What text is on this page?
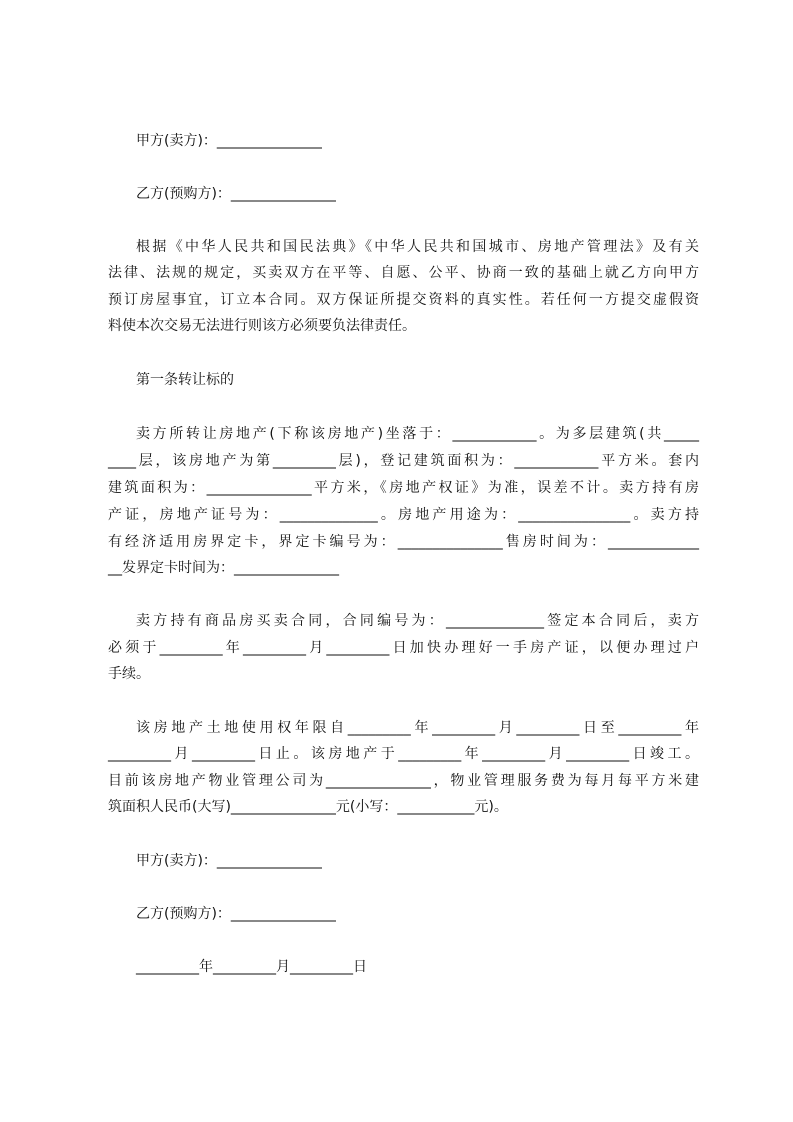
甲方(卖方)：_______________

乙方(预购方)：_______________

根据《中华人民共和国民法典》《中华人民共和国城市、房地产管理法》及有关

法律、法规的规定，买卖双方在平等、自愿、公平、协商一致的基础上就乙方向甲方

预订房屋事宜，订立本合同。双方保证所提交资料的真实性。若任何一方提交虚假资

料使本次交易无法进行则该方必须要负法律责任。

第一条转让标的

卖方所转让房地产(下称该房地产)坐落于：____________。为多层建筑(共_____

____层，该房地产为第_________层)，登记建筑面积为：____________平方米。套内

建筑面积为：_______________平方米，《房地产权证》为准，误差不计。卖方持有房

产证，房地产证号为：______________。房地产用途为：________________。卖方持

有经济适用房界定卡，界定卡编号为：_______________售房时间为：_____________

__发界定卡时间为：_______________

卖方持有商品房买卖合同，合同编号为：______________签定本合同后，卖方

必须于_________年_________月_________日加快办理好一手房产证，以便办理过户

手续。

该房地产土地使用权年限自_________年_________月_________日至_________年

_________月_________日止。该房地产于_________年_________月_________日竣工。

目前该房地产物业管理公司为_______________，物业管理服务费为每月每平方米建

筑面积人民币(大写)_______________元(小写：___________元)。

甲方(卖方)：_______________

乙方(预购方)：_______________

_________年_________月_________日
